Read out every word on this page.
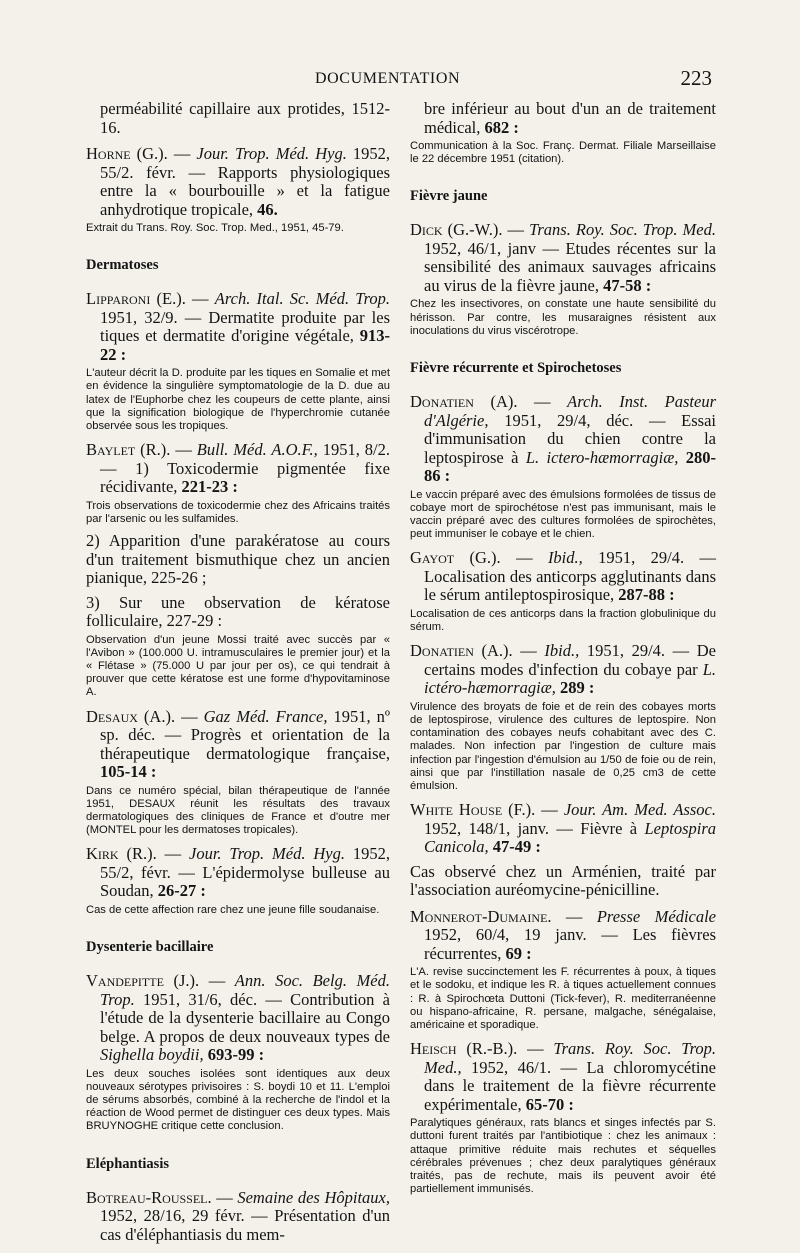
DOCUMENTATION	223

perméabilité capillaire aux protides, 1512-16.

Horne (G.). — Jour. Trop. Méd. Hyg. 1952, 55/2. févr. — Rapports physiologiques entre la « bourbouille » et la fatigue anhydrotique tropicale, 46.

Extrait du Trans. Roy. Soc. Trop. Med., 1951, 45-79.

Dermatoses

Lipparoni (E.). — Arch. Ital. Sc. Méd. Trop. 1951, 32/9. — Dermatite produite par les tiques et dermatite d'origine végétale, 913-22 :

L'auteur décrit la D. produite par les tiques en Somalie et met en évidence la singulière symptomatologie de la D. due au latex de l'Euphorbe chez les coupeurs de cette plante, ainsi que la signification biologique de l'hyperchromie cutanée observée sous les tropiques.

Baylet (R.). — Bull. Méd. A.O.F., 1951, 8/2. — 1) Toxicodermie pigmentée fixe récidivante, 221-23 :

Trois observations de toxicodermie chez des Africains traités par l'arsenic ou les sulfamides.

2) Apparition d'une parakératose au cours d'un traitement bismuthique chez un ancien pianique, 225-26 ;

3) Sur une observation de kératose folliculaire, 227-29 :

Observation d'un jeune Mossi traité avec succès par « l'Avibon » (100.000 U. intramusculaires le premier jour) et la « Flétase » (75.000 U par jour per os), ce qui tendrait à prouver que cette kératose est une forme d'hypovitaminose A.

Desaux (A.). — Gaz Méd. France, 1951, nº sp. déc. — Progrès et orientation de la thérapeutique dermatologique française, 105-14 :

Dans ce numéro spécial, bilan thérapeutique de l'année 1951, DESAUX réunit les résultats des travaux dermatologiques des cliniques de France et d'outre mer (MONTEL pour les dermatoses tropicales).

Kirk (R.). — Jour. Trop. Méd. Hyg. 1952, 55/2, févr. — L'épidermolyse bulleuse au Soudan, 26-27 :

Cas de cette affection rare chez une jeune fille soudanaise.

Dysenterie bacillaire

Vandepitte (J.). — Ann. Soc. Belg. Méd. Trop. 1951, 31/6, déc. — Contribution à l'étude de la dysenterie bacillaire au Congo belge. A propos de deux nouveaux types de Sighella boydii, 693-99 :

Les deux souches isolées sont identiques aux deux nouveaux sérotypes privisoires : S. boydi 10 et 11. L'emploi de sérums absorbés, combiné à la recherche de l'indol et la réaction de Wood permet de distinguer ces deux types. Mais BRUYNOGHE critique cette conclusion.

Eléphantiasis

Botreau-Roussel. — Semaine des Hôpitaux, 1952, 28/16, 29 févr. — Présentation d'un cas d'éléphantiasis du mem-

bre inférieur au bout d'un an de traitement médical, 682 :

Communication à la Soc. Franç. Dermat. Filiale Marseillaise le 22 décembre 1951 (citation).

Fièvre jaune

Dick (G.-W.). — Trans. Roy. Soc. Trop. Med. 1952, 46/1, janv — Etudes récentes sur la sensibilité des animaux sauvages africains au virus de la fièvre jaune, 47-58 :

Chez les insectivores, on constate une haute sensibilité du hérisson. Par contre, les musaraignes résistent aux inoculations du virus viscérotrope.

Fièvre récurrente et Spirochetoses

Donatien (A). — Arch. Inst. Pasteur d'Algérie, 1951, 29/4, déc. — Essai d'immunisation du chien contre la leptospirose à L. ictero-hæmorragiæ, 280-86 :

Le vaccin préparé avec des émulsions formolées de tissus de cobaye mort de spirochétose n'est pas immunisant, mais le vaccin préparé avec des cultures formolées de spirochètes, peut immuniser le cobaye et le chien.

Gayot (G.). — Ibid., 1951, 29/4. — Localisation des anticorps agglutinants dans le sérum antileptospirosique, 287-88 :

Localisation de ces anticorps dans la fraction globulinique du sérum.

Donatien (A.). — Ibid., 1951, 29/4. — De certains modes d'infection du cobaye par L. ictéro-hæmorragiæ, 289 :

Virulence des broyats de foie et de rein des cobayes morts de leptospirose, virulence des cultures de leptospire. Non contamination des cobayes neufs cohabitant avec des C. malades. Non infection par l'ingestion de culture mais infection par l'ingestion d'émulsion au 1/50 de foie ou de rein, ainsi que par l'instillation nasale de 0,25 cm3 de cette émulsion.

White House (F.). — Jour. Am. Med. Assoc. 1952, 148/1, janv. — Fièvre à Leptospira Canicola, 47-49 :

Cas observé chez un Arménien, traité par l'association auréomycine-pénicilline.

Monnerot-Dumaine. — Presse Médicale 1952, 60/4, 19 janv. — Les fièvres récurrentes, 69 :

L'A. revise succinctement les F. récurrentes à poux, à tiques et le sodoku, et indique les R. à tiques actuellement connues : R. à Spirochœta Duttoni (Tick-fever), R. mediterranéenne ou hispano-africaine, R. persane, malgache, sénégalaise, américaine et sporadique.

Heisch (R.-B.). — Trans. Roy. Soc. Trop. Med., 1952, 46/1. — La chloromycétine dans le traitement de la fièvre récurrente expérimentale, 65-70 :

Paralytiques généraux, rats blancs et singes infectés par S. duttoni furent traités par l'antibiotique : chez les animaux : attaque primitive réduite mais rechutes et séquelles cérébrales prévenues ; chez deux paralytiques généraux traités, pas de rechute, mais ils peuvent avoir été partiellement immunisés.
